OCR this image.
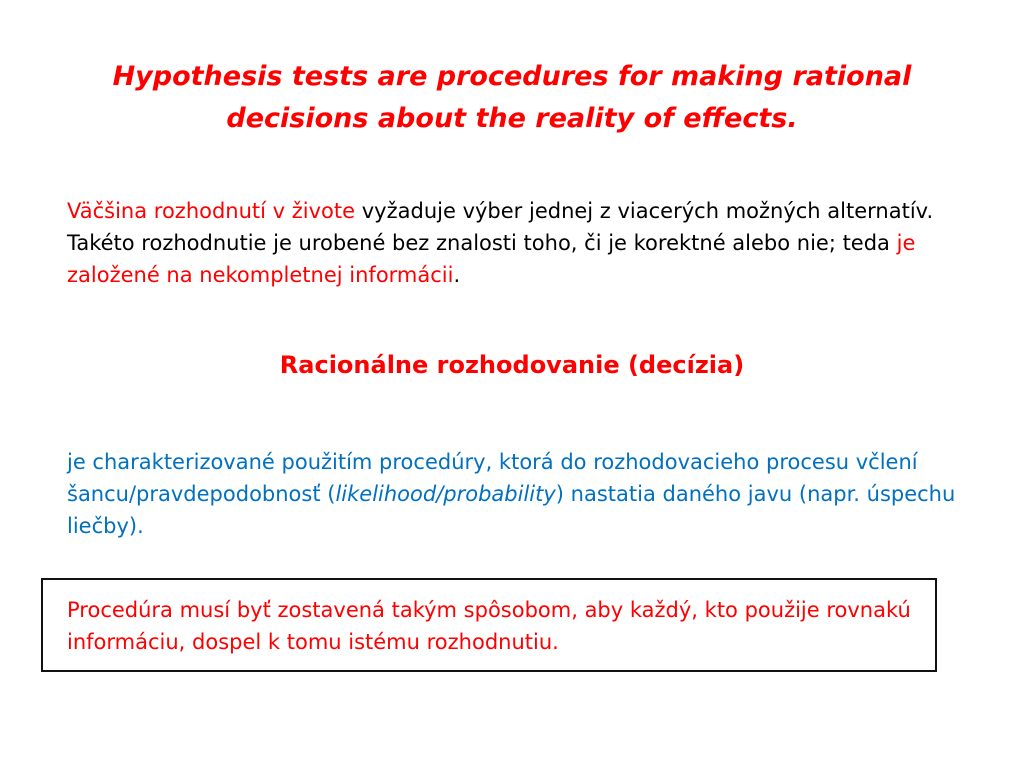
Hypothesis tests are procedures for making rational decisions about the reality of effects.

Väčšina rozhodnutí v živote vyžaduje výber jednej z viacerých možných alternatív. Takéto rozhodnutie je urobené bez znalosti toho, či je korektné alebo nie; teda je založené na nekompletnej informácii.

Racionálne rozhodovanie (decízia)

je charakterizované použitím procedúry, ktorá do rozhodovacieho procesu včlení šancu/pravdepodobnosť (likelihood/probability) nastatia daného javu (napr. úspechu liečby).

Procedúra musí byť zostavená takým spôsobom, aby každý, kto použije rovnakú informáciu, dospel k tomu istému rozhodnutiu.
